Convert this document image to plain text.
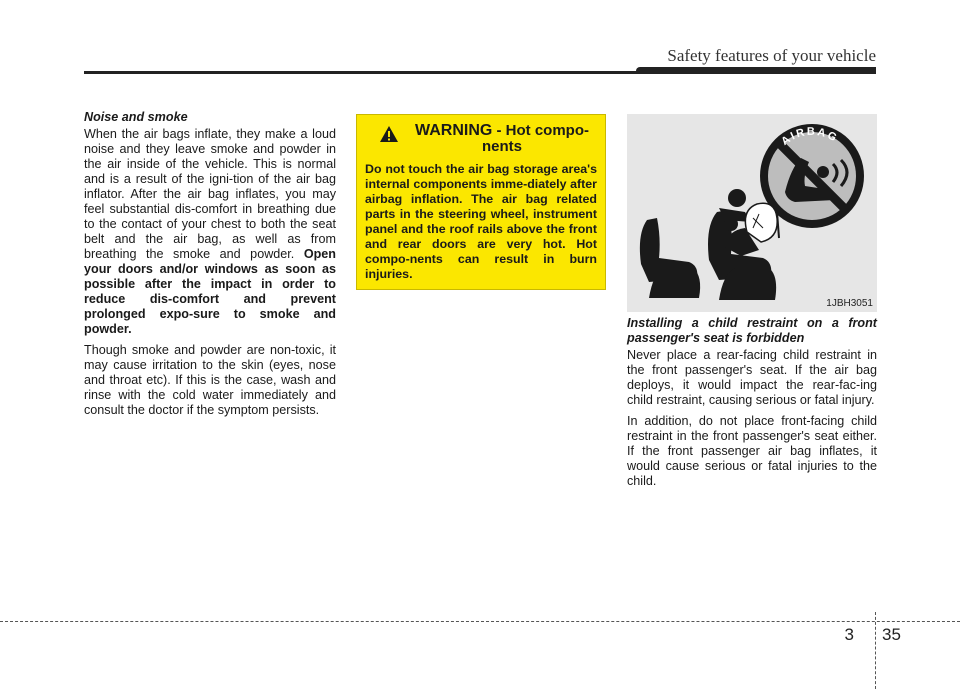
Safety features of your vehicle
Noise and smoke

When the air bags inflate, they make a loud noise and they leave smoke and powder in the air inside of the vehicle. This is normal and is a result of the igni-tion of the air bag inflator. After the air bag inflates, you may feel substantial dis-comfort in breathing due to the contact of your chest to both the seat belt and the air bag, as well as from breathing the smoke and powder. Open your doors and/or windows as soon as possible after the impact in order to reduce dis-comfort and prevent prolonged expo-sure to smoke and powder.

Though smoke and powder are non-toxic, it may cause irritation to the skin (eyes, nose and throat etc). If this is the case, wash and rinse with the cold water immediately and consult the doctor if the symptom persists.

WARNING - Hot compo-nents
Do not touch the air bag storage area's internal components imme-diately after airbag inflation. The air bag related parts in the steering wheel, instrument panel and the roof rails above the front and rear doors are very hot. Hot compo-nents can result in burn injuries.
AIRBAG
1JBH3051
Installing a child restraint on a front passenger's seat is forbidden

Never place a rear-facing child restraint in the front passenger's seat. If the air bag deploys, it would impact the rear-fac-ing child restraint, causing serious or fatal injury.

In addition, do not place front-facing child restraint in the front passenger's seat either. If the front passenger air bag inflates, it would cause serious or fatal injuries to the child.

3	35
